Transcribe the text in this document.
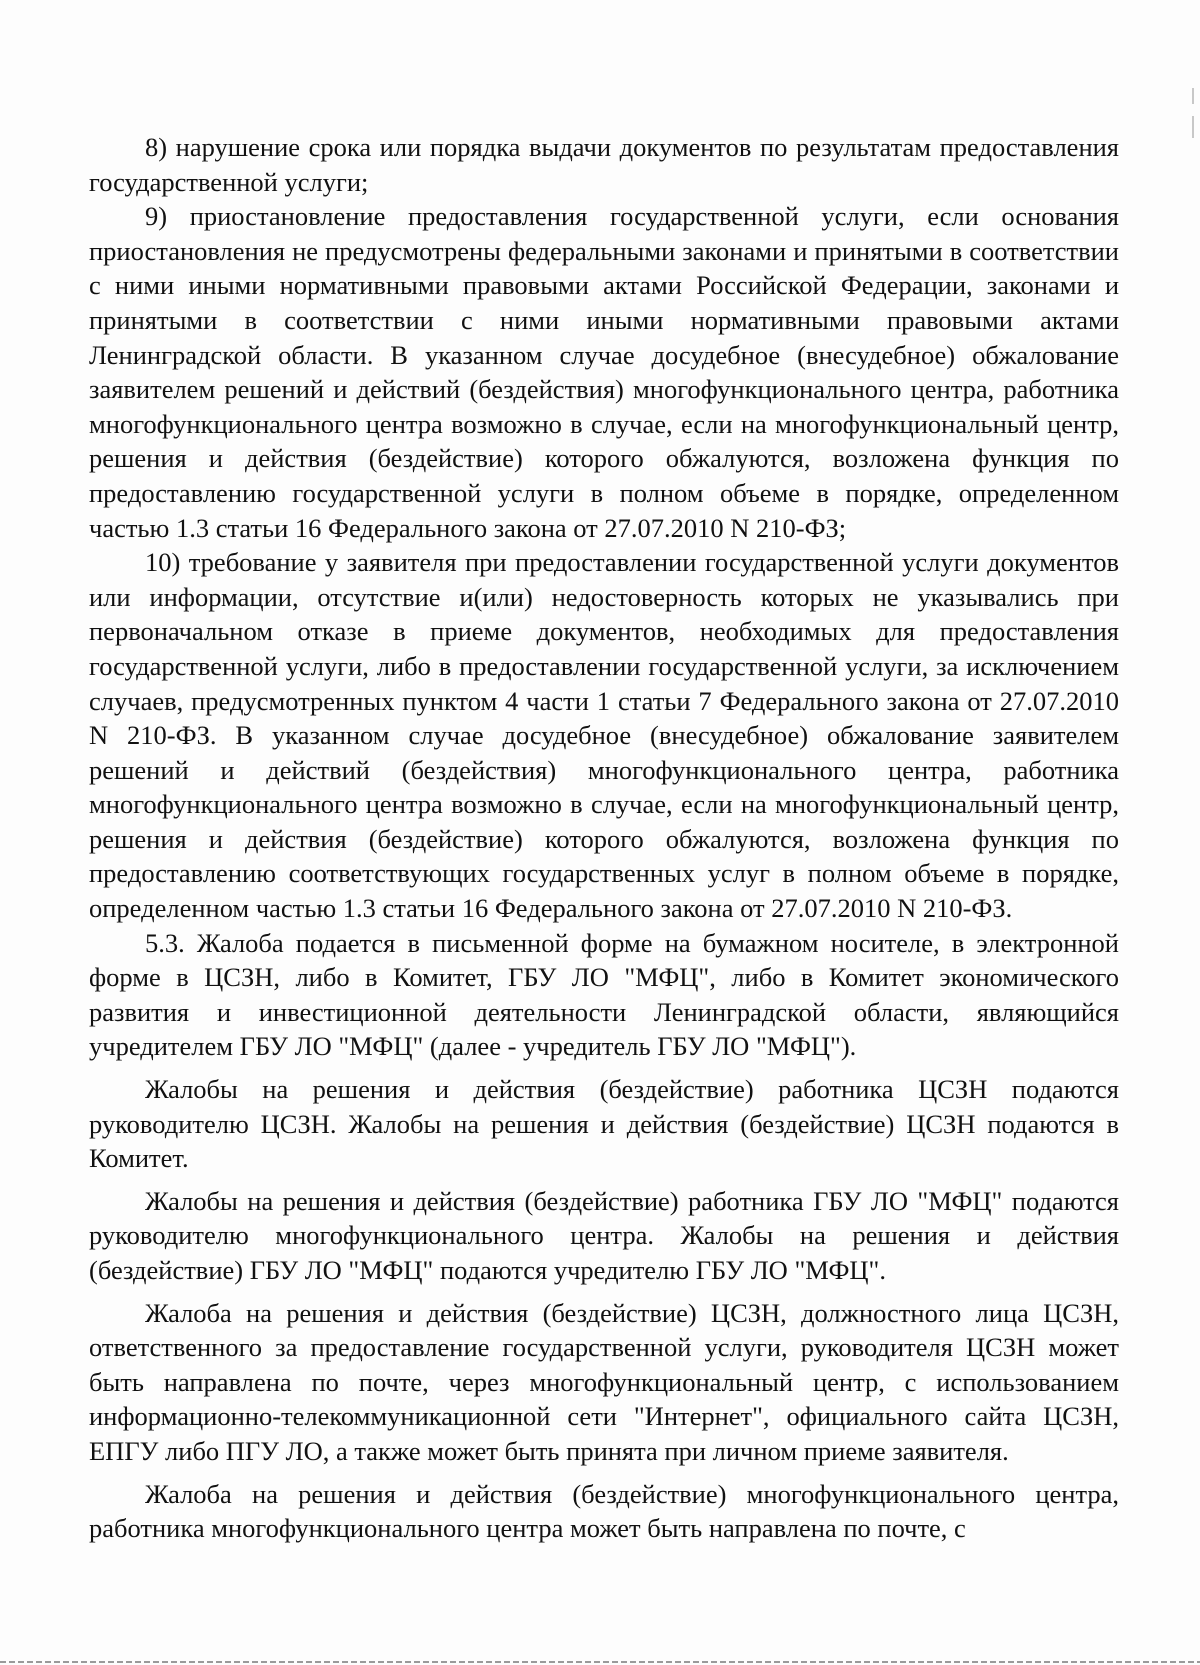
8) нарушение срока или порядка выдачи документов по результатам предоставления государственной услуги;

9) приостановление предоставления государственной услуги, если основания приостановления не предусмотрены федеральными законами и принятыми в соответствии с ними иными нормативными правовыми актами Российской Федерации, законами и принятыми в соответствии с ними иными нормативными правовыми актами Ленинградской области. В указанном случае досудебное (внесудебное) обжалование заявителем решений и действий (бездействия) многофункционального центра, работника многофункционального центра возможно в случае, если на многофункциональный центр, решения и действия (бездействие) которого обжалуются, возложена функция по предоставлению государственной услуги в полном объеме в порядке, определенном частью 1.3 статьи 16 Федерального закона от 27.07.2010 N 210-ФЗ;

10) требование у заявителя при предоставлении государственной услуги документов или информации, отсутствие и(или) недостоверность которых не указывались при первоначальном отказе в приеме документов, необходимых для предоставления государственной услуги, либо в предоставлении государственной услуги, за исключением случаев, предусмотренных пунктом 4 части 1 статьи 7 Федерального закона от 27.07.2010 N 210-ФЗ. В указанном случае досудебное (внесудебное) обжалование заявителем решений и действий (бездействия) многофункционального центра, работника многофункционального центра возможно в случае, если на многофункциональный центр, решения и действия (бездействие) которого обжалуются, возложена функция по предоставлению соответствующих государственных услуг в полном объеме в порядке, определенном частью 1.3 статьи 16 Федерального закона от 27.07.2010 N 210-ФЗ.

5.3. Жалоба подается в письменной форме на бумажном носителе, в электронной форме в ЦСЗН, либо в Комитет, ГБУ ЛО "МФЦ", либо в Комитет экономического развития и инвестиционной деятельности Ленинградской области, являющийся учредителем ГБУ ЛО "МФЦ" (далее - учредитель ГБУ ЛО "МФЦ").

Жалобы на решения и действия (бездействие) работника ЦСЗН подаются руководителю ЦСЗН. Жалобы на решения и действия (бездействие) ЦСЗН подаются в Комитет.

Жалобы на решения и действия (бездействие) работника ГБУ ЛО "МФЦ" подаются руководителю многофункционального центра. Жалобы на решения и действия (бездействие) ГБУ ЛО "МФЦ" подаются учредителю ГБУ ЛО "МФЦ".

Жалоба на решения и действия (бездействие) ЦСЗН, должностного лица ЦСЗН, ответственного за предоставление государственной услуги, руководителя ЦСЗН может быть направлена по почте, через многофункциональный центр, с использованием информационно-телекоммуникационной сети "Интернет", официального сайта ЦСЗН, ЕПГУ либо ПГУ ЛО, а также может быть принята при личном приеме заявителя.

Жалоба на решения и действия (бездействие) многофункционального центра, работника многофункционального центра может быть направлена по почте, с
